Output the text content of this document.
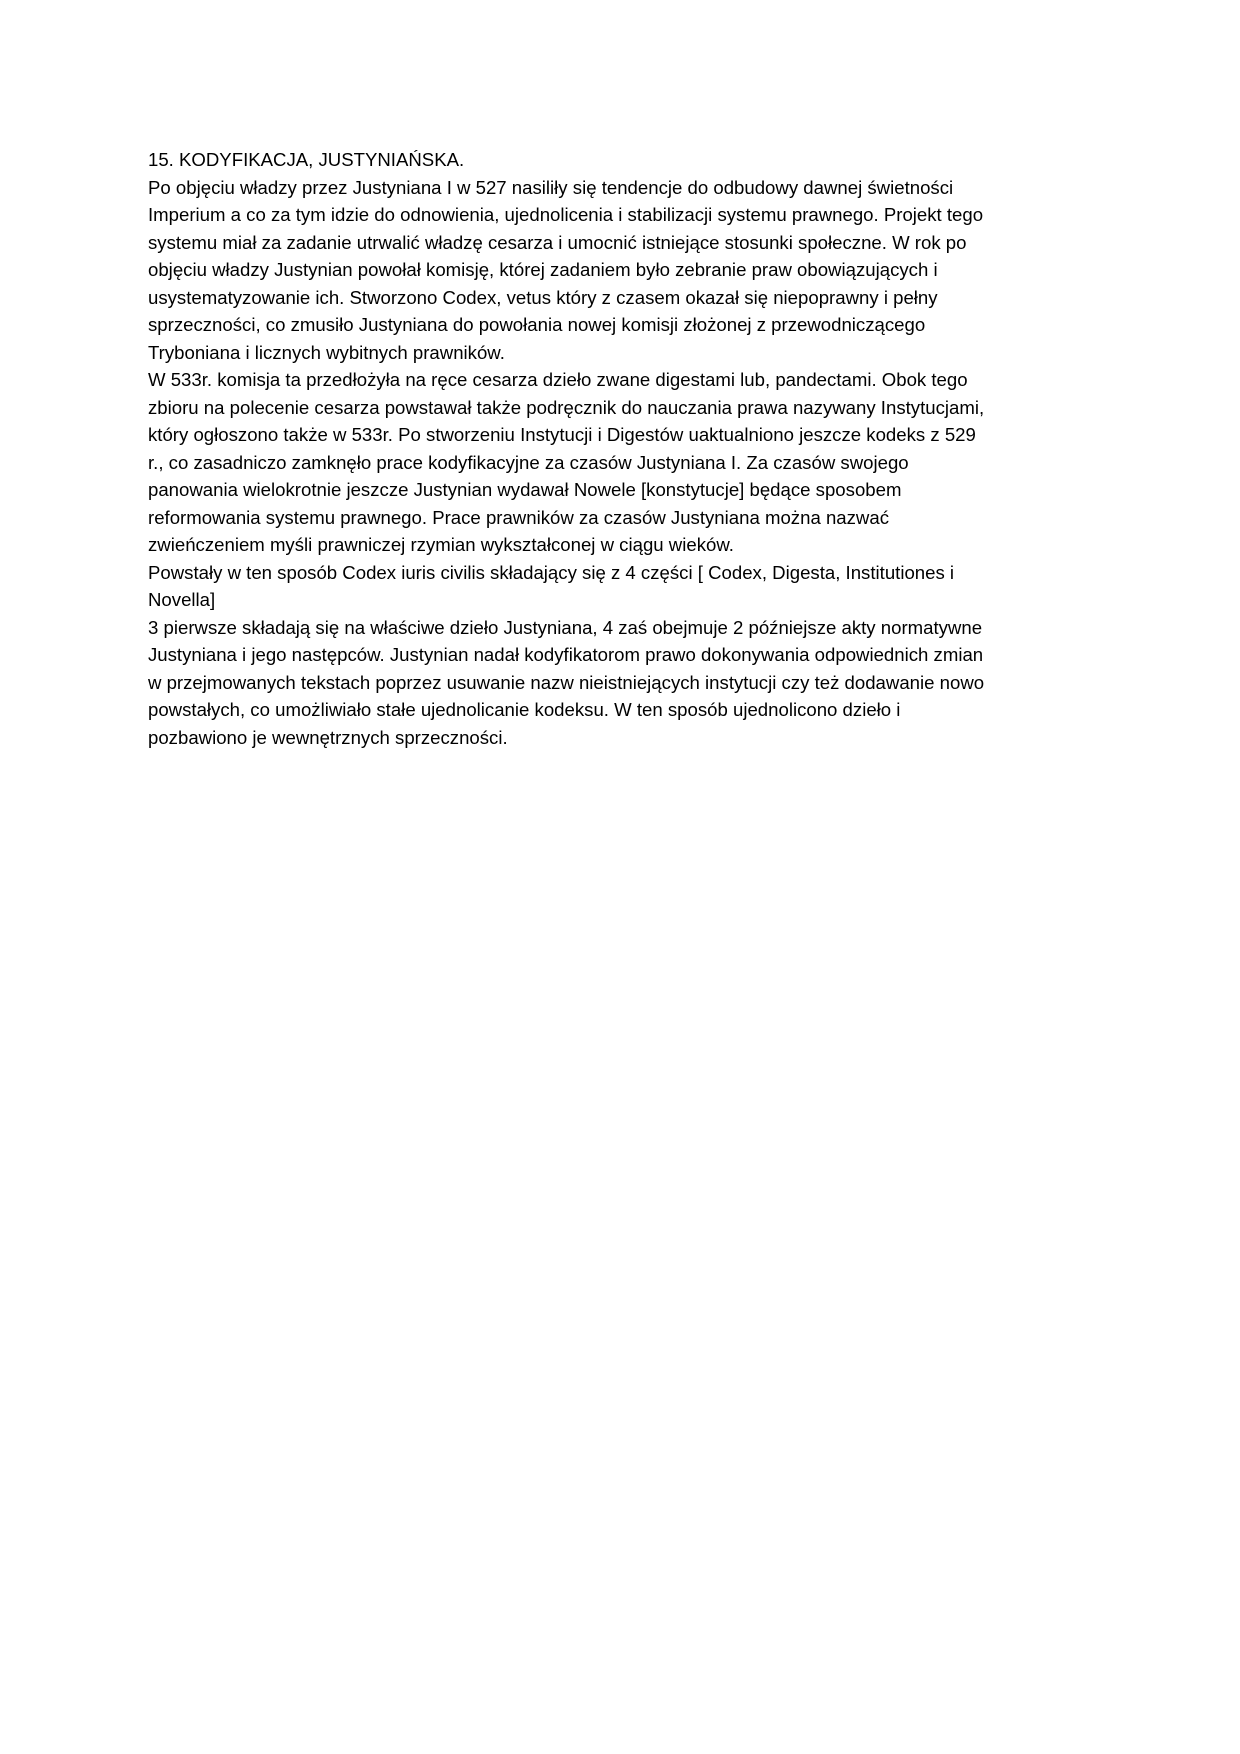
15. KODYFIKACJA, JUSTYNIAŃSKA.
Po objęciu władzy przez Justyniana I w 527 nasiliły się tendencje do odbudowy dawnej świetności
Imperium a co za tym idzie do odnowienia, ujednolicenia i stabilizacji systemu prawnego. Projekt tego
systemu miał za zadanie utrwalić władzę cesarza i umocnić istniejące stosunki społeczne. W rok po
objęciu władzy Justynian powołał komisję, której zadaniem było zebranie praw obowiązujących i
usystematyzowanie ich. Stworzono Codex, vetus który z czasem okazał się niepoprawny i pełny
sprzeczności, co zmusiło Justyniana do powołania nowej komisji złożonej z przewodniczącego
Tryboniana i licznych wybitnych prawników.
W 533r. komisja ta przedłożyła na ręce cesarza dzieło zwane digestami lub, pandectami. Obok tego
zbioru na polecenie cesarza powstawał także podręcznik do nauczania prawa nazywany Instytucjami,
który ogłoszono także w 533r. Po stworzeniu Instytucji i Digestów uaktualniono jeszcze kodeks z 529
r., co zasadniczo zamknęło prace kodyfikacyjne za czasów Justyniana I. Za czasów swojego
panowania wielokrotnie jeszcze Justynian wydawał Nowele [konstytucje] będące sposobem
reformowania systemu prawnego. Prace prawników za czasów Justyniana można nazwać
zwieńczeniem myśli prawniczej rzymian wykształconej w ciągu wieków.
Powstały w ten sposób Codex iuris civilis składający się z 4 części [ Codex, Digesta, Institutiones i
Novella]
3 pierwsze składają się na właściwe dzieło Justyniana, 4 zaś obejmuje 2 późniejsze akty normatywne
Justyniana i jego następców. Justynian nadał kodyfikatorom prawo dokonywania odpowiednich zmian
w przejmowanych tekstach poprzez usuwanie nazw nieistniejących instytucji czy też dodawanie nowo
powstałych, co umożliwiało stałe ujednolicanie kodeksu. W ten sposób ujednolicono dzieło i
pozbawiono je wewnętrznych sprzeczności.
